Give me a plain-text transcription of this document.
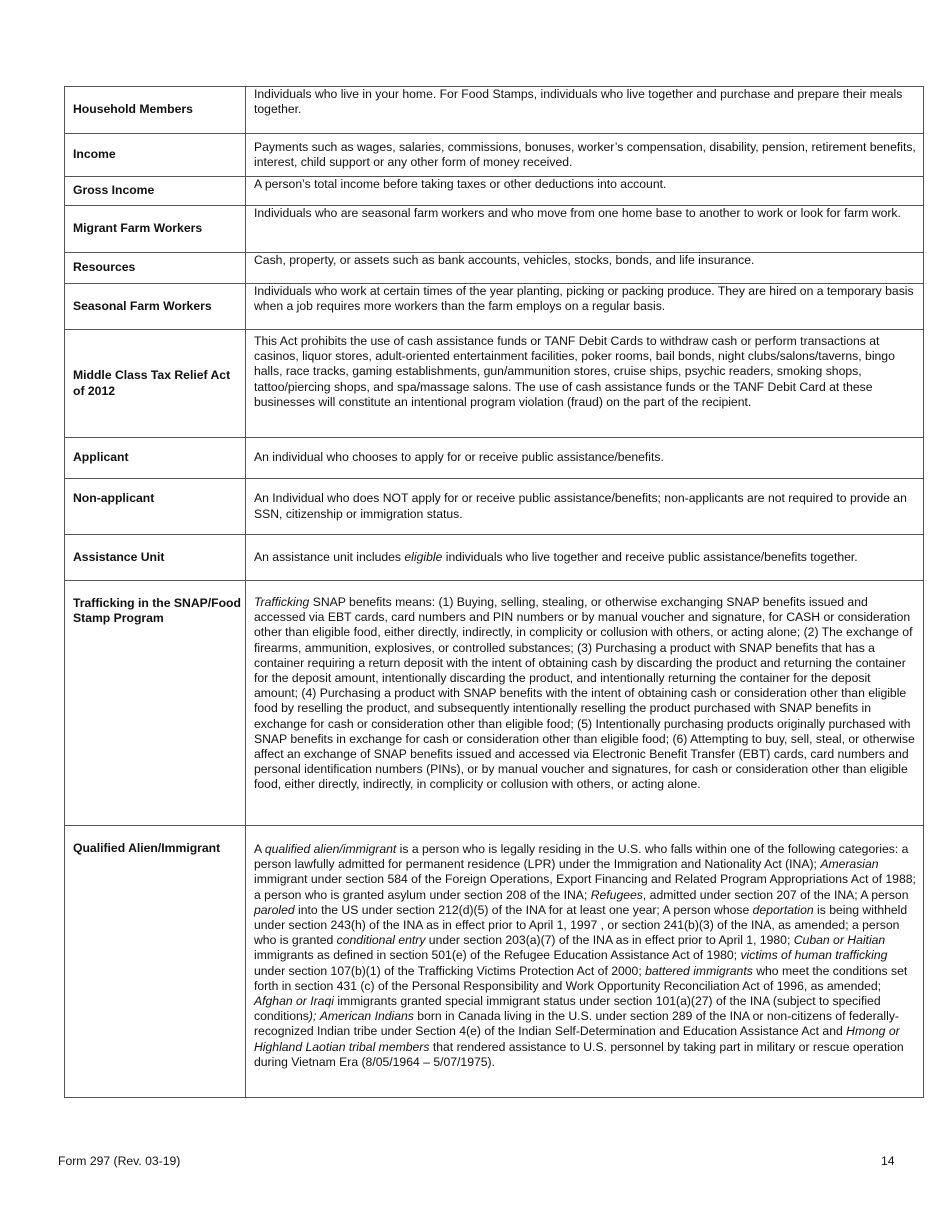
Household Members	Individuals who live in your home. For Food Stamps, individuals who live together and purchase and prepare their meals together.
Income	Payments such as wages, salaries, commissions, bonuses, worker’s compensation, disability, pension, retirement benefits, interest, child support or any other form of money received.
Gross Income	A person’s total income before taking taxes or other deductions into account.
Migrant Farm Workers	Individuals who are seasonal farm workers and who move from one home base to another to work or look for farm work.
Resources	Cash, property, or assets such as bank accounts, vehicles, stocks, bonds, and life insurance.
Seasonal Farm Workers	Individuals who work at certain times of the year planting, picking or packing produce. They are hired on a temporary basis when a job requires more workers than the farm employs on a regular basis.
Middle Class Tax Relief Act of 2012	This Act prohibits the use of cash assistance funds or TANF Debit Cards to withdraw cash or perform transactions at casinos, liquor stores, adult-oriented entertainment facilities, poker rooms, bail bonds, night clubs/salons/taverns, bingo halls, race tracks, gaming establishments, gun/ammunition stores, cruise ships, psychic readers, smoking shops, tattoo/piercing shops, and spa/massage salons. The use of cash assistance funds or the TANF Debit Card at these businesses will constitute an intentional program violation (fraud) on the part of the recipient.
Applicant	An individual who chooses to apply for or receive public assistance/benefits.
Non-applicant	An Individual who does NOT apply for or receive public assistance/benefits; non-applicants are not required to provide an SSN, citizenship or immigration status.
Assistance Unit	An assistance unit includes eligible individuals who live together and receive public assistance/benefits together.
Trafficking in the SNAP/Food Stamp Program	Trafficking SNAP benefits means: (1) Buying, selling, stealing, or otherwise exchanging SNAP benefits issued and accessed via EBT cards, card numbers and PIN numbers or by manual voucher and signature, for CASH or consideration other than eligible food, either directly, indirectly, in complicity or collusion with others, or acting alone; (2) The exchange of firearms, ammunition, explosives, or controlled substances; (3) Purchasing a product with SNAP benefits that has a container requiring a return deposit with the intent of obtaining cash by discarding the product and returning the container for the deposit amount, intentionally discarding the product, and intentionally returning the container for the deposit amount; (4) Purchasing a product with SNAP benefits with the intent of obtaining cash or consideration other than eligible food by reselling the product, and subsequently intentionally reselling the product purchased with SNAP benefits in exchange for cash or consideration other than eligible food; (5) Intentionally purchasing products originally purchased with SNAP benefits in exchange for cash or consideration other than eligible food; (6) Attempting to buy, sell, steal, or otherwise affect an exchange of SNAP benefits issued and accessed via Electronic Benefit Transfer (EBT) cards, card numbers and personal identification numbers (PINs), or by manual voucher and signatures, for cash or consideration other than eligible food, either directly, indirectly, in complicity or collusion with others, or acting alone.
Qualified Alien/Immigrant	A qualified alien/immigrant is a person who is legally residing in the U.S. who falls within one of the following categories: a person lawfully admitted for permanent residence (LPR) under the Immigration and Nationality Act (INA); Amerasian immigrant under section 584 of the Foreign Operations, Export Financing and Related Program Appropriations Act of 1988; a person who is granted asylum under section 208 of the INA; Refugees, admitted under section 207 of the INA; A person paroled into the US under section 212(d)(5) of the INA for at least one year; A person whose deportation is being withheld under section 243(h) of the INA as in effect prior to April 1, 1997 , or section 241(b)(3) of the INA, as amended; a person who is granted conditional entry under section 203(a)(7) of the INA as in effect prior to April 1, 1980; Cuban or Haitian immigrants as defined in section 501(e) of the Refugee Education Assistance Act of 1980; victims of human trafficking under section 107(b)(1) of the Trafficking Victims Protection Act of 2000; battered immigrants who meet the conditions set forth in section 431 (c) of the Personal Responsibility and Work Opportunity Reconciliation Act of 1996, as amended; Afghan or Iraqi immigrants granted special immigrant status under section 101(a)(27) of the INA (subject to specified conditions); American Indians born in Canada living in the U.S. under section 289 of the INA or non-citizens of federally-recognized Indian tribe under Section 4(e) of the Indian Self-Determination and Education Assistance Act and Hmong or Highland Laotian tribal members that rendered assistance to U.S. personnel by taking part in military or rescue operation during Vietnam Era (8/05/1964 – 5/07/1975).
Form 297 (Rev. 03-19)	14
